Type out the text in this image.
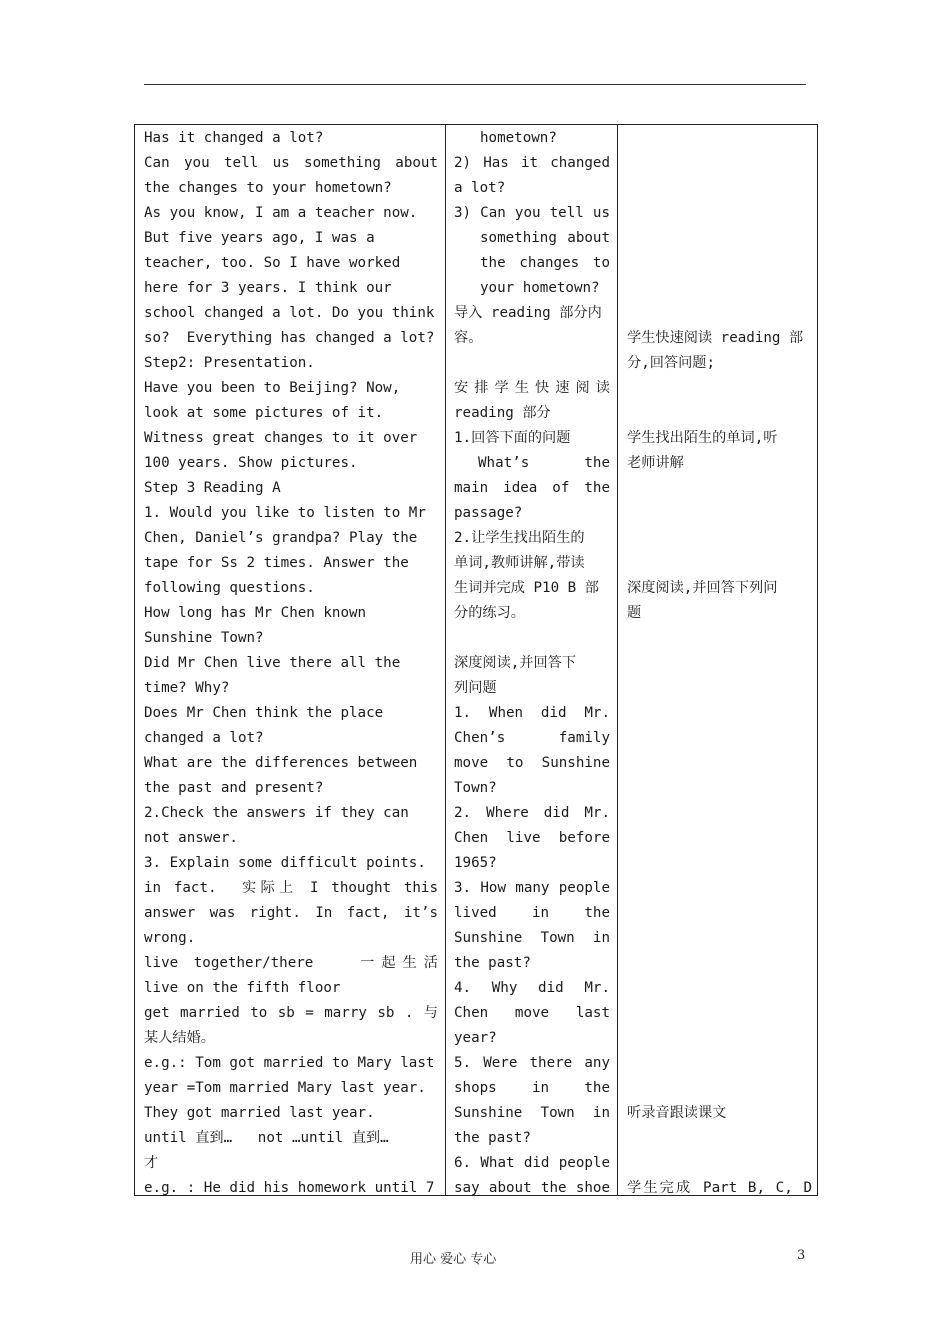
Has it changed a lot?
Can you tell us something about
the changes to your hometown?
As you know, I am a teacher now.
But five years ago, I was a
teacher, too. So I have worked
here for 3 years. I think our
school changed a lot. Do you think
so?  Everything has changed a lot?
Step2: Presentation.
Have you been to Beijing? Now,
look at some pictures of it.
Witness great changes to it over
100 years. Show pictures.
Step 3 Reading A
1. Would you like to listen to Mr
Chen, Daniel’s grandpa? Play the
tape for Ss 2 times. Answer the
following questions.
How long has Mr Chen known
Sunshine Town?
Did Mr Chen live there all the
time? Why?
Does Mr Chen think the place
changed a lot?
What are the differences between
the past and present?
2.Check the answers if they can
not answer.
3. Explain some difficult points.
in fact.  实际上 I thought this
answer was right. In fact, it’s
wrong.
live together/there   一起生活
live on the fifth floor
get married to sb = marry sb . 与
某人结婚。
e.g.: Tom got married to Mary last
year =Tom married Mary last year.
They got married last year.
until 直到…   not …until 直到…
才
e.g. : He did his homework until 7
hometown?
2) Has it changed
a lot?
3) Can you tell us
something about
the changes to
your hometown?
导入 reading 部分内
容。
安排学生快速阅读
reading 部分
1.回答下面的问题
What’s the
main idea of the
passage?
2.让学生找出陌生的
单词,教师讲解,带读
生词并完成 P10 B 部
分的练习。
深度阅读,并回答下
列问题
1. When did Mr.
Chen’s family
move to Sunshine
Town?
2. Where did Mr.
Chen live before
1965?
3. How many people
lived in the
Sunshine Town in
the past?
4. Why did Mr.
Chen move last
year?
5. Were there any
shops in the
Sunshine Town in
the past?
6. What did people
say about the shoe
学生快速阅读 reading 部
分,回答问题;
学生找出陌生的单词,听
老师讲解
深度阅读,并回答下列问
题
听录音跟读课文
学生完成 Part B, C, D
用心 爱心 专心	3
